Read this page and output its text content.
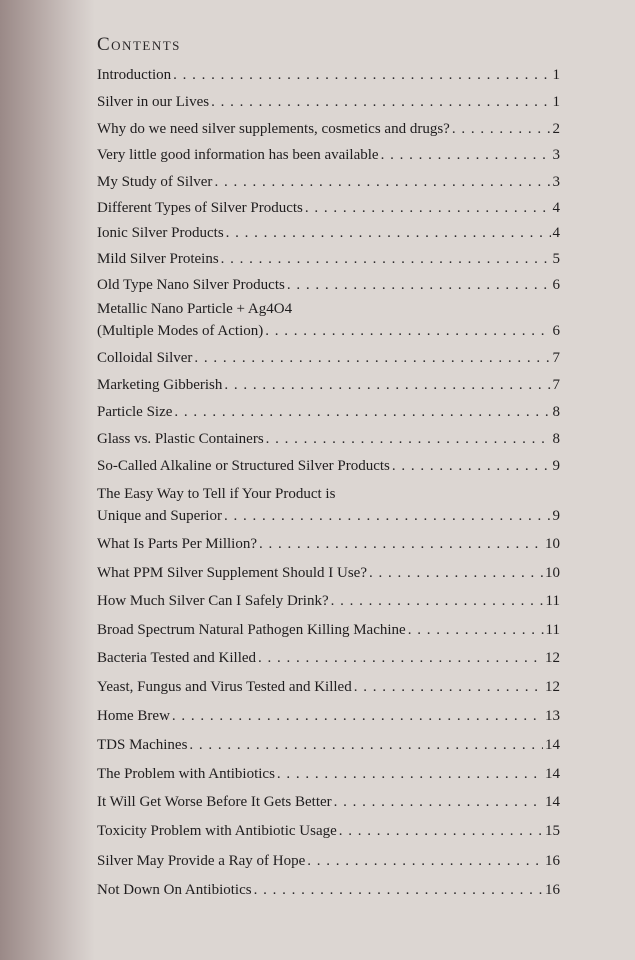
Contents
Introduction . . .	1
Silver in our Lives . . .	1
Why do we need silver supplements, cosmetics and drugs? . . .	2
Very little good information has been available . . .	3
My Study of Silver . . .	3
Different Types of Silver Products . . .	4
Ionic Silver Products . . .	4
Mild Silver Proteins . . .	5
Old Type Nano Silver Products . . .	6
Metallic Nano Particle + Ag4O4
(Multiple Modes of Action) . . .	6
Colloidal Silver . . .	7
Marketing Gibberish . . .	7
Particle Size . . .	8
Glass vs. Plastic Containers . . .	8
So-Called Alkaline or Structured Silver Products . . .	9
The Easy Way to Tell if Your Product is
Unique and Superior . . .	9
What Is Parts Per Million? . . .	10
What PPM Silver Supplement Should I Use? . . .	10
How Much Silver Can I Safely Drink? . . .	11
Broad Spectrum Natural Pathogen Killing Machine . . .	11
Bacteria Tested and Killed . . .	12
Yeast, Fungus and Virus Tested and Killed . . .	12
Home Brew . . .	13
TDS Machines . . .	14
The Problem with Antibiotics . . .	14
It Will Get Worse Before It Gets Better . . .	14
Toxicity Problem with Antibiotic Usage . . .	15
Silver May Provide a Ray of Hope . . .	16
Not Down On Antibiotics . . .	16
